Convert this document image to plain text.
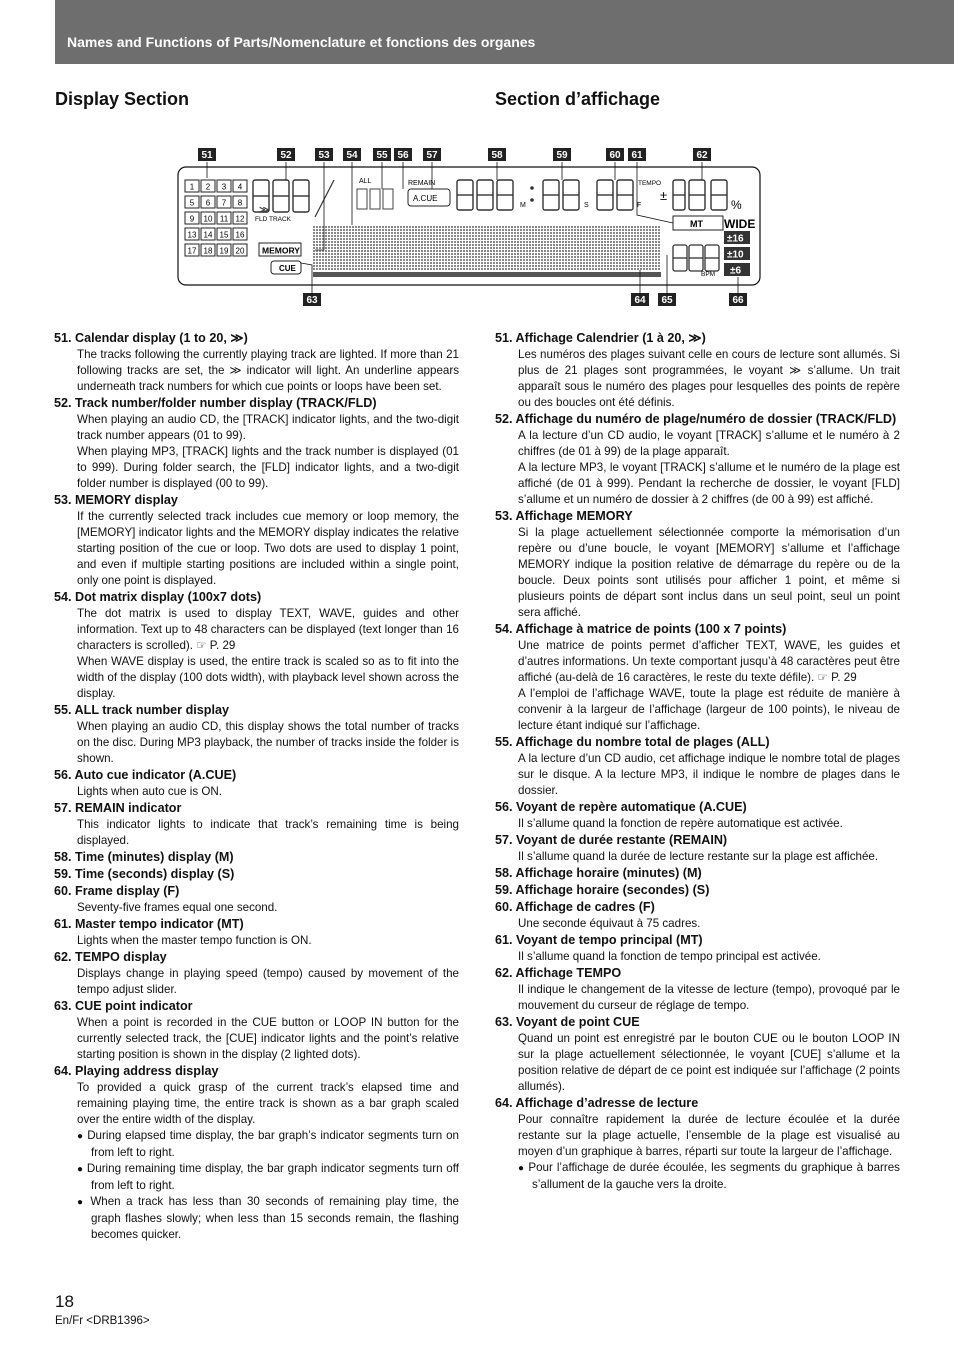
Names and Functions of Parts/Nomenclature et fonctions des organes
Display Section	Section d’affichage
51	52	53 54 55 56 57	58	59	60 61	62
63	64 65	66
1 2 3 4
5 6 7 8
9 10 11 12
13 14 15 16
17 18 19 20
≫
FLD TRACK
MEMORY
CUE
ALL	REMAIN
A.CUE
M	S	F
TEMPO
±
%
MT WIDE
±16
±10
±6
BPM
51. Calendar display (1 to 20, ≫)
The tracks following the currently playing track are lighted. If more than 21 following tracks are set, the ≫ indicator will light. An underline appears underneath track numbers for which cue points or loops have been set.
52. Track number/folder number display (TRACK/FLD)
When playing an audio CD, the [TRACK] indicator lights, and the two-digit track number appears (01 to 99).
When playing MP3, [TRACK] lights and the track number is displayed (01 to 999). During folder search, the [FLD] indicator lights, and a two-digit folder number is displayed (00 to 99).
53. MEMORY display
If the currently selected track includes cue memory or loop memory, the [MEMORY] indicator lights and the MEMORY display indicates the relative starting position of the cue or loop. Two dots are used to display 1 point, and even if multiple starting positions are included within a single point, only one point is displayed.
54. Dot matrix display (100x7 dots)
The dot matrix is used to display TEXT, WAVE, guides and other information. Text up to 48 characters can be displayed (text longer than 16 characters is scrolled). ☞ P. 29
When WAVE display is used, the entire track is scaled so as to fit into the width of the display (100 dots width), with playback level shown across the display.
55. ALL track number display
When playing an audio CD, this display shows the total number of tracks on the disc. During MP3 playback, the number of tracks inside the folder is shown.
56. Auto cue indicator (A.CUE)
Lights when auto cue is ON.
57. REMAIN indicator
This indicator lights to indicate that track’s remaining time is being displayed.
58. Time (minutes) display (M)
59. Time (seconds) display (S)
60. Frame display (F)
Seventy-five frames equal one second.
61. Master tempo indicator (MT)
Lights when the master tempo function is ON.
62. TEMPO display
Displays change in playing speed (tempo) caused by movement of the tempo adjust slider.
63. CUE point indicator
When a point is recorded in the CUE button or LOOP IN button for the currently selected track, the [CUE] indicator lights and the point’s relative starting position is shown in the display (2 lighted dots).
64. Playing address display
To provided a quick grasp of the current track’s elapsed time and remaining playing time, the entire track is shown as a bar graph scaled over the entire width of the display.
● During elapsed time display, the bar graph’s indicator segments turn on from left to right.
● During remaining time display, the bar graph indicator segments turn off from left to right.
● When a track has less than 30 seconds of remaining play time, the graph flashes slowly; when less than 15 seconds remain, the flashing becomes quicker.
51. Affichage Calendrier (1 à 20, ≫)
Les numéros des plages suivant celle en cours de lecture sont allumés. Si plus de 21 plages sont programmées, le voyant ≫ s’allume. Un trait apparaît sous le numéro des plages pour lesquelles des points de repère ou des boucles ont été définis.
52. Affichage du numéro de plage/numéro de dossier (TRACK/FLD)
A la lecture d’un CD audio, le voyant [TRACK] s’allume et le numéro à 2 chiffres (de 01 à 99) de la plage apparaît.
A la lecture MP3, le voyant [TRACK] s’allume et le numéro de la plage est affiché (de 01 à 999). Pendant la recherche de dossier, le voyant [FLD] s’allume et un numéro de dossier à 2 chiffres (de 00 à 99) est affiché.
53. Affichage MEMORY
Si la plage actuellement sélectionnée comporte la mémorisation d’un repère ou d’une boucle, le voyant [MEMORY] s’allume et l’affichage MEMORY indique la position relative de démarrage du repère ou de la boucle. Deux points sont utilisés pour afficher 1 point, et même si plusieurs points de départ sont inclus dans un seul point, seul un point sera affiché.
54. Affichage à matrice de points (100 x 7 points)
Une matrice de points permet d’afficher TEXT, WAVE, les guides et d’autres informations. Un texte comportant jusqu’à 48 caractères peut être affiché (au-delà de 16 caractères, le reste du texte défile). ☞ P. 29
A l’emploi de l’affichage WAVE, toute la plage est réduite de manière à convenir à la largeur de l’affichage (largeur de 100 points), le niveau de lecture étant indiqué sur l’affichage.
55. Affichage du nombre total de plages (ALL)
A la lecture d’un CD audio, cet affichage indique le nombre total de plages sur le disque. A la lecture MP3, il indique le nombre de plages dans le dossier.
56. Voyant de repère automatique (A.CUE)
Il s’allume quand la fonction de repère automatique est activée.
57. Voyant de durée restante (REMAIN)
Il s’allume quand la durée de lecture restante sur la plage est affichée.
58. Affichage horaire (minutes) (M)
59. Affichage horaire (secondes) (S)
60. Affichage de cadres (F)
Une seconde équivaut à 75 cadres.
61. Voyant de tempo principal (MT)
Il s’allume quand la fonction de tempo principal est activée.
62. Affichage TEMPO
Il indique le changement de la vitesse de lecture (tempo), provoqué par le mouvement du curseur de réglage de tempo.
63. Voyant de point CUE
Quand un point est enregistré par le bouton CUE ou le bouton LOOP IN sur la plage actuellement sélectionnée, le voyant [CUE] s’allume et la position relative de départ de ce point est indiquée sur l’affichage (2 points allumés).
64. Affichage d’adresse de lecture
Pour connaître rapidement la durée de lecture écoulée et la durée restante sur la plage actuelle, l’ensemble de la plage est visualisé au moyen d’un graphique à barres, réparti sur toute la largeur de l’affichage.
● Pour l’affichage de durée écoulée, les segments du graphique à barres s’allument de la gauche vers la droite.
18
En/Fr <DRB1396>
